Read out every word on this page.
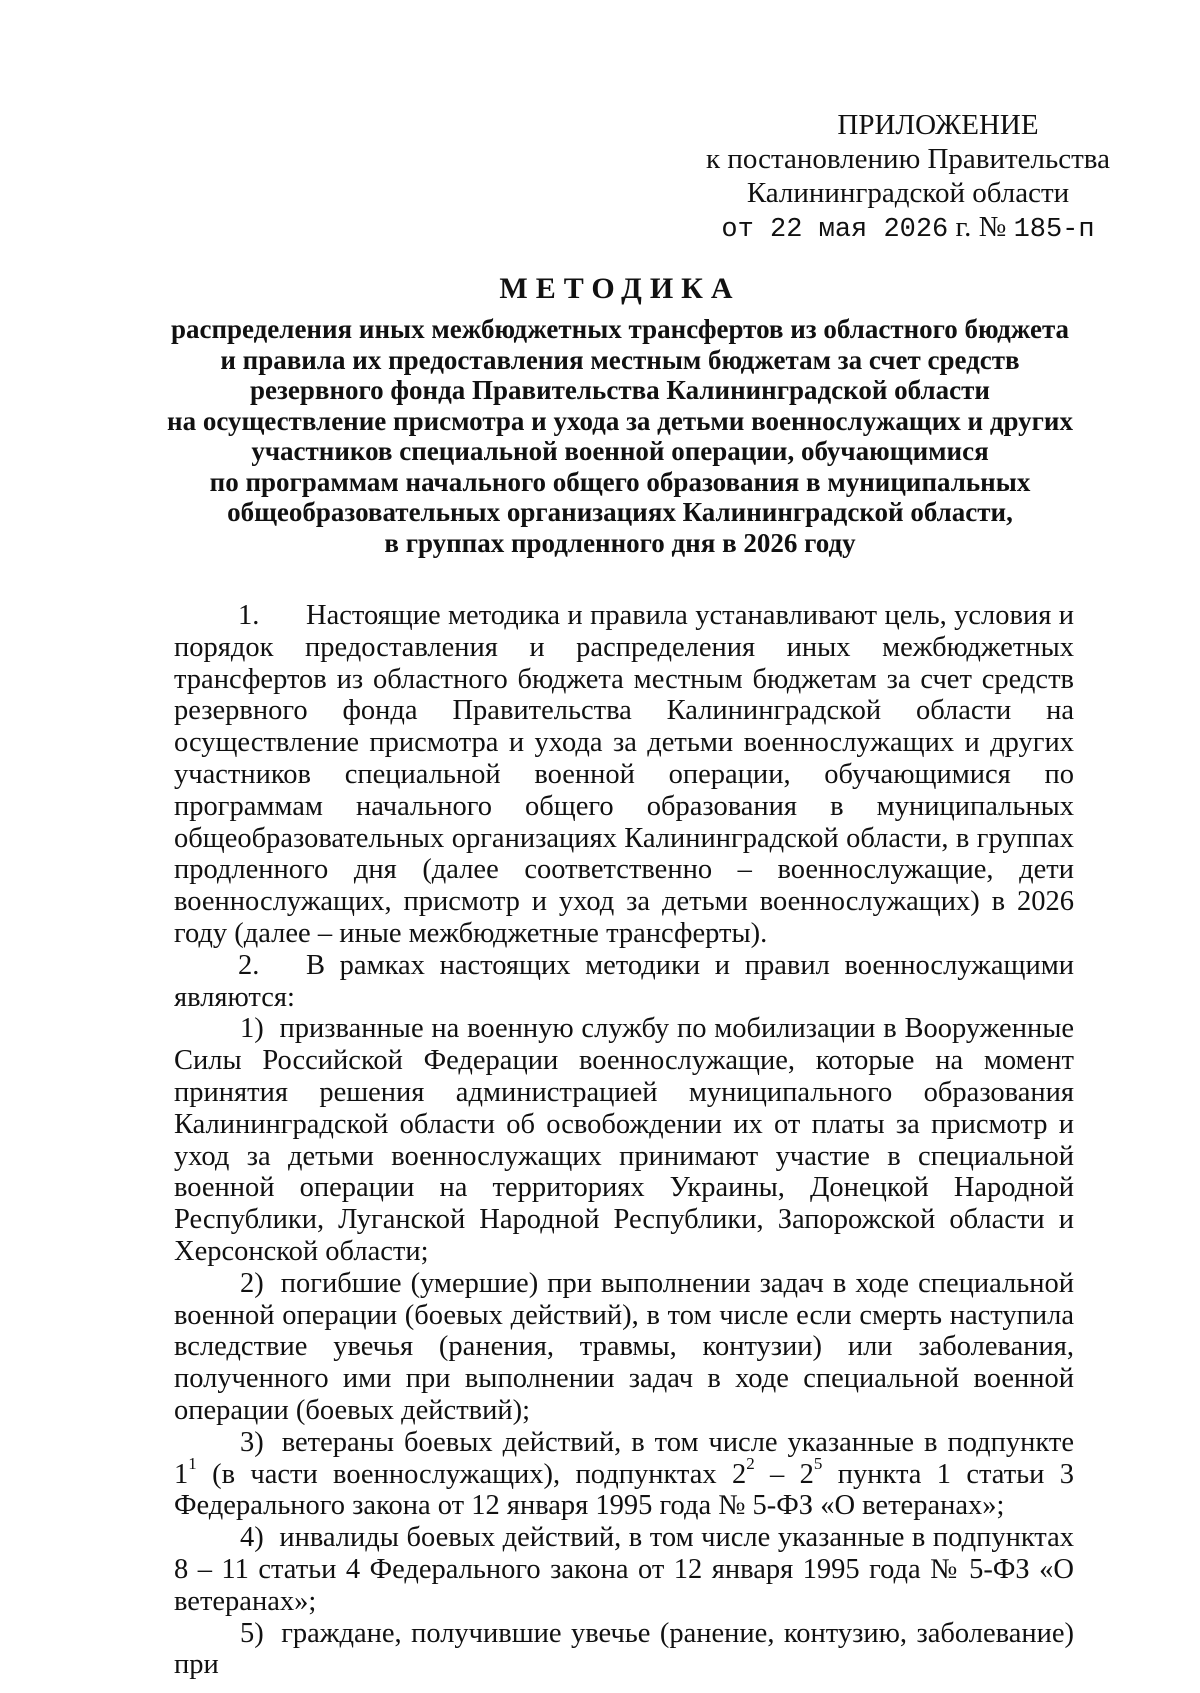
ПРИЛОЖЕНИЕ
к постановлению Правительства
Калининградской области
от 22 мая 2026 г. № 185-п
МЕТОДИКА
распределения иных межбюджетных трансфертов из областного бюджета
и правила их предоставления местным бюджетам за счет средств
резервного фонда Правительства Калининградской области
на осуществление присмотра и ухода за детьми военнослужащих и других
участников специальной военной операции, обучающимися
по программам начального общего образования в муниципальных
общеобразовательных организациях Калининградской области,
в группах продленного дня в 2026 году

1. Настоящие методика и правила устанавливают цель, условия и порядок предоставления и распределения иных межбюджетных трансфертов из областного бюджета местным бюджетам за счет средств резервного фонда Правительства Калининградской области на осуществление присмотра и ухода за детьми военнослужащих и других участников специальной военной операции, обучающимися по программам начального общего образования в муниципальных общеобразовательных организациях Калининградской области, в группах продленного дня (далее соответственно – военнослужащие, дети военнослужащих, присмотр и уход за детьми военнослужащих) в 2026 году (далее – иные межбюджетные трансферты).

2. В рамках настоящих методики и правил военнослужащими являются:

1) призванные на военную службу по мобилизации в Вооруженные Силы Российской Федерации военнослужащие, которые на момент принятия решения администрацией муниципального образования Калининградской области об освобождении их от платы за присмотр и уход за детьми военнослужащих принимают участие в специальной военной операции на территориях Украины, Донецкой Народной Республики, Луганской Народной Республики, Запорожской области и Херсонской области;

2) погибшие (умершие) при выполнении задач в ходе специальной военной операции (боевых действий), в том числе если смерть наступила вследствие увечья (ранения, травмы, контузии) или заболевания, полученного ими при выполнении задач в ходе специальной военной операции (боевых действий);

3) ветераны боевых действий, в том числе указанные в подпункте $1^1$ (в части военнослужащих), подпунктах $2^2 - 2^5$ пункта 1 статьи 3 Федерального закона от 12 января 1995 года № 5-ФЗ «О ветеранах»;

4) инвалиды боевых действий, в том числе указанные в подпунктах 8 – 11 статьи 4 Федерального закона от 12 января 1995 года № 5-ФЗ «О ветеранах»;

5) граждане, получившие увечье (ранение, контузию, заболевание) при
